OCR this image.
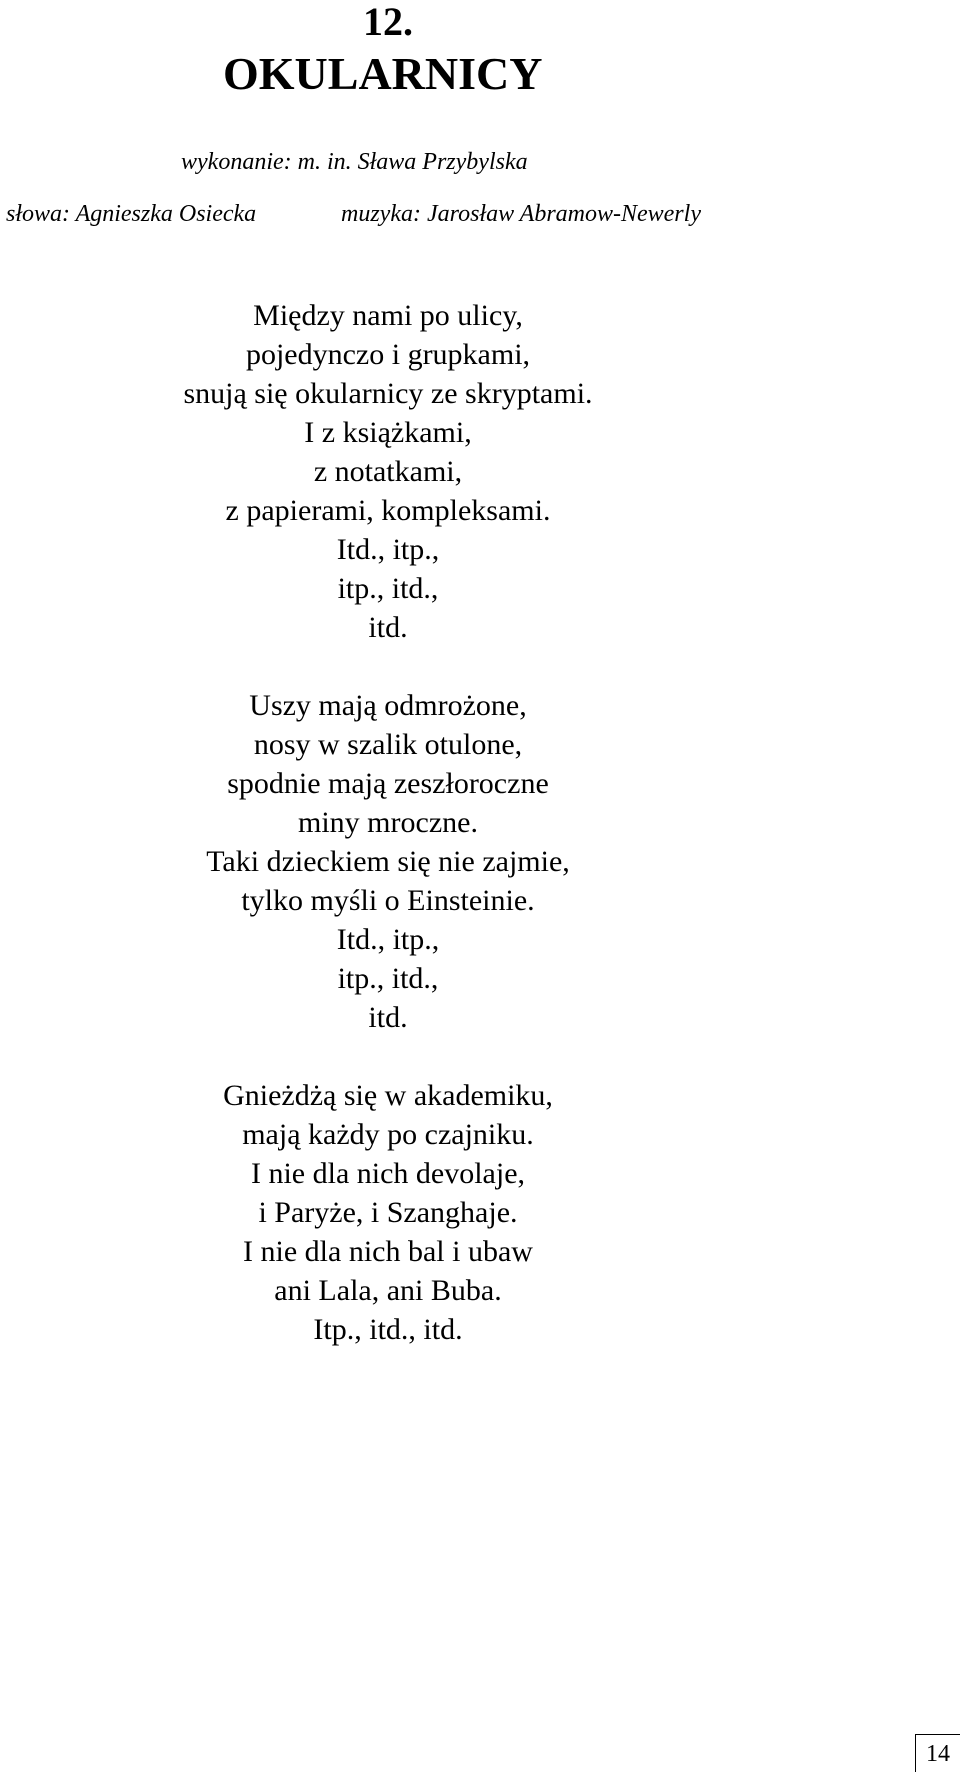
12.
OKULARNICY
wykonanie: m. in. Sława Przybylska
słowa: Agnieszka Osiecka	muzyka: Jarosław Abramow-Newerly
Między nami po ulicy,
pojedynczo i grupkami,
snują się okularnicy ze skryptami.
I z książkami,
z notatkami,
z papierami, kompleksami.
Itd., itp.,
itp., itd.,
itd.
Uszy mają odmrożone,
nosy w szalik otulone,
spodnie mają zeszłoroczne
miny mroczne.
Taki dzieckiem się nie zajmie,
tylko myśli o Einsteinie.
Itd., itp.,
itp., itd.,
itd.
Gnieżdżą się w akademiku,
mają każdy po czajniku.
I nie dla nich devolaje,
i Paryże, i Szanghaje.
I nie dla nich bal i ubaw
ani Lala, ani Buba.
Itp., itd., itd.
14
